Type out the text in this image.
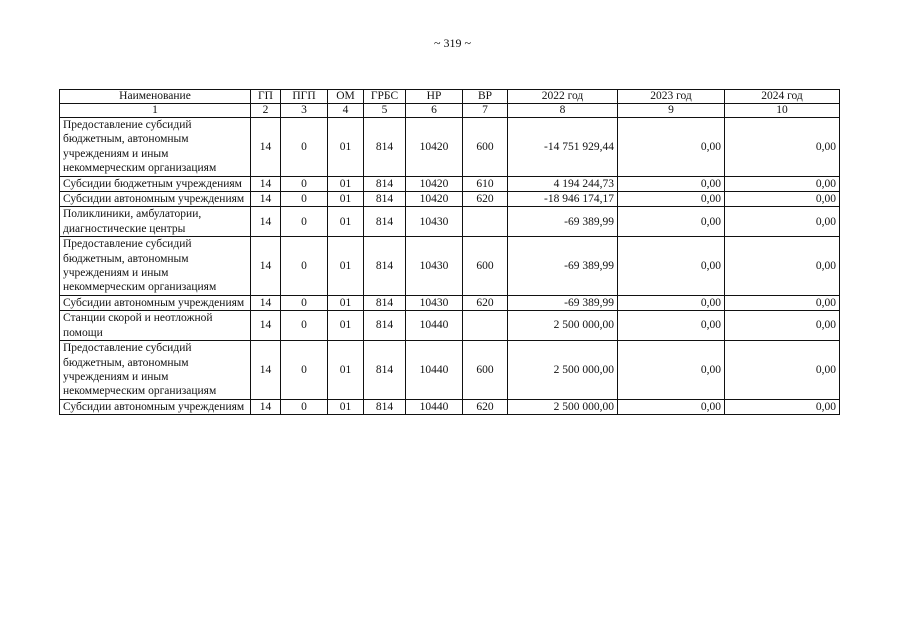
~ 319 ~
Наименование	ГП	ПГП	ОМ	ГРБС	НР	ВР	2022 год	2023 год	2024 год
1	2	3	4	5	6	7	8	9	10
Предоставление субсидий бюджетным, автономным учреждениям и иным некоммерческим организациям	14	0	01	814	10420	600	-14 751 929,44	0,00	0,00
Субсидии бюджетным учреждениям	14	0	01	814	10420	610	4 194 244,73	0,00	0,00
Субсидии автономным учреждениям	14	0	01	814	10420	620	-18 946 174,17	0,00	0,00
Поликлиники, амбулатории, диагностические центры	14	0	01	814	10430		-69 389,99	0,00	0,00
Предоставление субсидий бюджетным, автономным учреждениям и иным некоммерческим организациям	14	0	01	814	10430	600	-69 389,99	0,00	0,00
Субсидии автономным учреждениям	14	0	01	814	10430	620	-69 389,99	0,00	0,00
Станции скорой и неотложной помощи	14	0	01	814	10440		2 500 000,00	0,00	0,00
Предоставление субсидий бюджетным, автономным учреждениям и иным некоммерческим организациям	14	0	01	814	10440	600	2 500 000,00	0,00	0,00
Субсидии автономным учреждениям	14	0	01	814	10440	620	2 500 000,00	0,00	0,00
